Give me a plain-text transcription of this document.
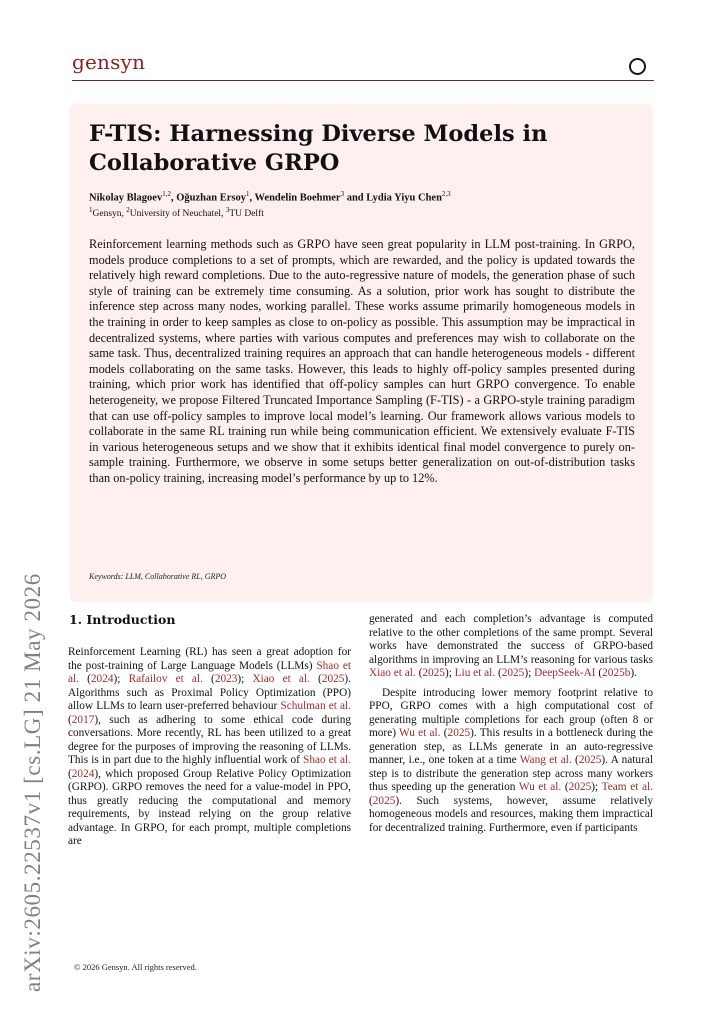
gensyn
arXiv:2605.22537v1 [cs.LG] 21 May 2026
F-TIS: Harnessing Diverse Models in Collaborative GRPO
Nikolay Blagoev$^{1,2}$, Oğuzhan Ersoy$^1$, Wendelin Boehmer$^3$ and Lydia Yiyu Chen$^{2,3}$
$^1$Gensyn, $^2$University of Neuchatel, $^3$TU Delft

Reinforcement learning methods such as GRPO have seen great popularity in LLM post-training. In GRPO, models produce completions to a set of prompts, which are rewarded, and the policy is updated towards the relatively high reward completions. Due to the auto-regressive nature of models, the generation phase of such style of training can be extremely time consuming. As a solution, prior work has sought to distribute the inference step across many nodes, working parallel. These works assume primarily homogeneous models in the training in order to keep samples as close to on-policy as possible. This assumption may be impractical in decentralized systems, where parties with various computes and preferences may wish to collaborate on the same task. Thus, decentralized training requires an approach that can handle heterogeneous models - different models collaborating on the same tasks. However, this leads to highly off-policy samples presented during training, which prior work has identified that off-policy samples can hurt GRPO convergence. To enable heterogeneity, we propose Filtered Truncated Importance Sampling (F-TIS) - a GRPO-style training paradigm that can use off-policy samples to improve local model’s learning. Our framework allows various models to collaborate in the same RL training run while being communication efficient. We extensively evaluate F-TIS in various heterogeneous setups and we show that it exhibits identical final model convergence to purely on-sample training. Furthermore, we observe in some setups better generalization on out-of-distribution tasks than on-policy training, increasing model’s performance by up to 12%.

Keywords: LLM, Collaborative RL, GRPO
1. Introduction

Reinforcement Learning (RL) has seen a great adoption for the post-training of Large Language Models (LLMs) Shao et al. (2024); Rafailov et al. (2023); Xiao et al. (2025). Algorithms such as Proximal Policy Optimization (PPO) allow LLMs to learn user-preferred behaviour Schulman et al. (2017), such as adhering to some ethical code during conversations. More recently, RL has been utilized to a great degree for the purposes of improving the reasoning of LLMs. This is in part due to the highly influential work of Shao et al. (2024), which proposed Group Relative Policy Optimization (GRPO). GRPO removes the need for a value-model in PPO, thus greatly reducing the computational and memory requirements, by instead relying on the group relative advantage. In GRPO, for each prompt, multiple completions are

generated and each completion’s advantage is computed relative to the other completions of the same prompt. Several works have demonstrated the success of GRPO-based algorithms in improving an LLM’s reasoning for various tasks Xiao et al. (2025); Liu et al. (2025); DeepSeek-AI (2025b).

Despite introducing lower memory footprint relative to PPO, GRPO comes with a high computational cost of generating multiple completions for each group (often 8 or more) Wu et al. (2025). This results in a bottleneck during the generation step, as LLMs generate in an auto-regressive manner, i.e., one token at a time Wang et al. (2025). A natural step is to distribute the generation step across many workers thus speeding up the generation Wu et al. (2025); Team et al. (2025). Such systems, however, assume relatively homogeneous models and resources, making them impractical for decentralized training. Furthermore, even if participants

© 2026 Gensyn. All rights reserved.
